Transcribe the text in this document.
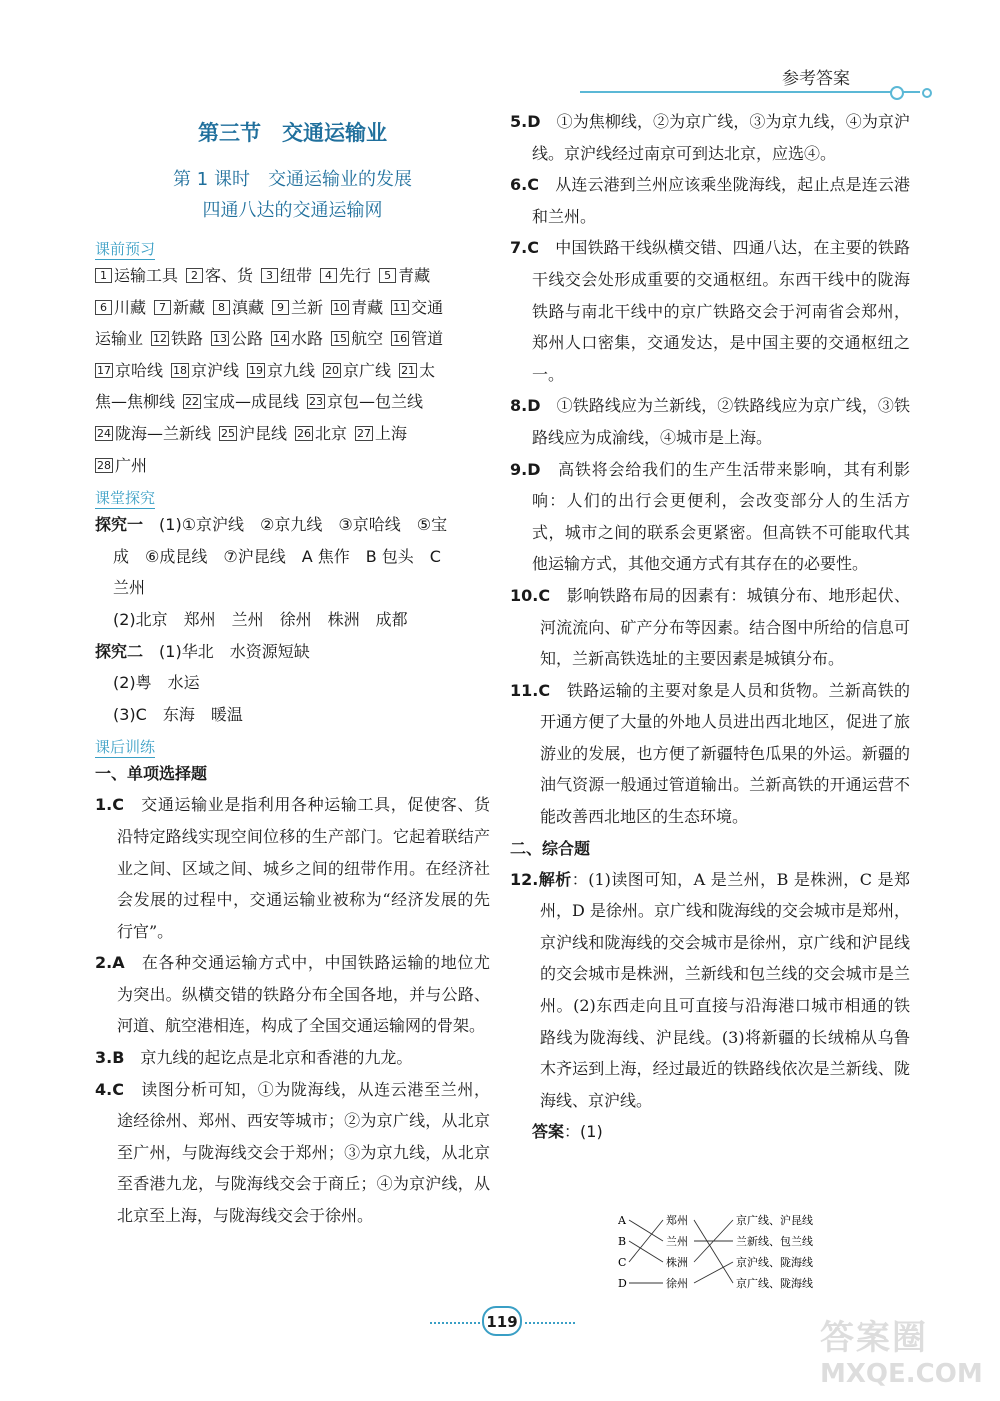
参考答案
第三节　交通运输业
第 1 课时　交通运输业的发展
四通八达的交通运输网
课前预习
1 运输工具 2 客、货 3 纽带 4 先行 5 青藏
6 川藏 7 新藏 8 滇藏 9 兰新 10 青藏 11 交通
运输业 12 铁路 13 公路 14 水路 15 航空 16 管道
17 京哈线 18 京沪线 19 京九线 20 京广线 21 太
焦—焦柳线 22 宝成—成昆线 23 京包—包兰线
24 陇海—兰新线 25 沪昆线 26 北京 27 上海
28 广州
课堂探究
探究一　 (1)①京沪线　②京九线　③京哈线　⑤宝
成　⑥成昆线　⑦沪昆线　A 焦作　B 包头　C
兰州
(2)北京　郑州　兰州　徐州　株洲　成都
探究二　 (1)华北　水资源短缺
(2)粤　水运
(3)C　东海　暖温
课后训练
一、单项选择题
1.C　 交通运输业是指利用各种运输工具，促使客、货沿特定路线实现空间位移的生产部门。它起着联结产业之间、区域之间、城乡之间的纽带作用。在经济社会发展的过程中，交通运输业被称为“经济发展的先行官”。
2.A　 在各种交通运输方式中，中国铁路运输的地位尤为突出。纵横交错的铁路分布全国各地，并与公路、河道、航空港相连，构成了全国交通运输网的骨架。
3.B　 京九线的起讫点是北京和香港的九龙。
4.C　 读图分析可知，①为陇海线，从连云港至兰州，途经徐州、郑州、西安等城市；②为京广线，从北京至广州，与陇海线交会于郑州；③为京九线，从北京至香港九龙，与陇海线交会于商丘；④为京沪线，从北京至上海，与陇海线交会于徐州。
5.D　 ①为焦柳线，②为京广线，③为京九线，④为京沪线。京沪线经过南京可到达北京，应选④。
6.C　 从连云港到兰州应该乘坐陇海线，起止点是连云港和兰州。
7.C　 中国铁路干线纵横交错、四通八达，在主要的铁路干线交会处形成重要的交通枢纽。东西干线中的陇海铁路与南北干线中的京广铁路交会于河南省会郑州，郑州人口密集，交通发达，是中国主要的交通枢纽之一。
8.D　 ①铁路线应为兰新线，②铁路线应为京广线，③铁路线应为成渝线，④城市是上海。
9.D　 高铁将会给我们的生产生活带来影响，其有利影响：人们的出行会更便利，会改变部分人的生活方式，城市之间的联系会更紧密。但高铁不可能取代其他运输方式，其他交通方式有其存在的必要性。
10.C　 影响铁路布局的因素有：城镇分布、地形起伏、河流流向、矿产分布等因素。结合图中所给的信息可知，兰新高铁选址的主要因素是城镇分布。
11.C　 铁路运输的主要对象是人员和货物。兰新高铁的开通方便了大量的外地人员进出西北地区，促进了旅游业的发展，也方便了新疆特色瓜果的外运。新疆的油气资源一般通过管道输出。兰新高铁的开通运营不能改善西北地区的生态环境。
二、综合题
12.解析：(1)读图可知，A 是兰州，B 是株洲，C 是郑州，D 是徐州。京广线和陇海线的交会城市是郑州，京沪线和陇海线的交会城市是徐州，京广线和沪昆线的交会城市是株洲，兰新线和包兰线的交会城市是兰州。(2)东西走向且可直接与沿海港口城市相通的铁路线为陇海线、沪昆线。(3)将新疆的长绒棉从乌鲁木齐运到上海，经过最近的铁路线依次是兰新线、陇海线、京沪线。
答案：(1)
A
B
C
D
郑州
兰州
株洲
徐州
京广线、沪昆线
兰新线、包兰线
京沪线、陇海线
京广线、陇海线
119	答案圈
MXQE.COM
